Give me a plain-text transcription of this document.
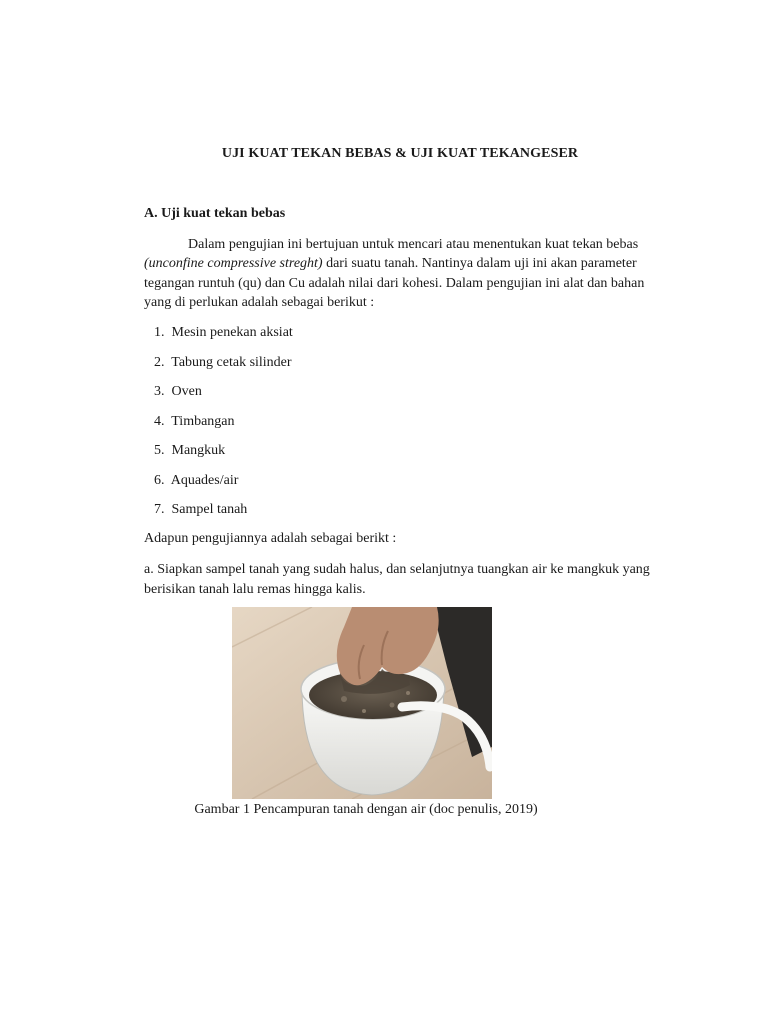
UJI KUAT TEKAN BEBAS & UJI KUAT TEKANGESER
A. Uji kuat tekan bebas
Dalam pengujian ini bertujuan untuk mencari atau menentukan kuat tekan bebas (unconfine compressive streght) dari suatu tanah. Nantinya dalam uji ini akan parameter tegangan runtuh (qu) dan Cu adalah nilai dari kohesi. Dalam pengujian ini alat dan bahan yang di perlukan adalah sebagai berikut :
1. Mesin penekan aksiat
2. Tabung cetak silinder
3. Oven
4. Timbangan
5. Mangkuk
6. Aquades/air
7. Sampel tanah
Adapun pengujiannya adalah sebagai berikt :
a. Siapkan sampel tanah yang sudah halus, dan selanjutnya tuangkan air ke mangkuk yang berisikan tanah lalu remas hingga kalis.
Gambar 1 Pencampuran tanah dengan air (doc penulis, 2019)
